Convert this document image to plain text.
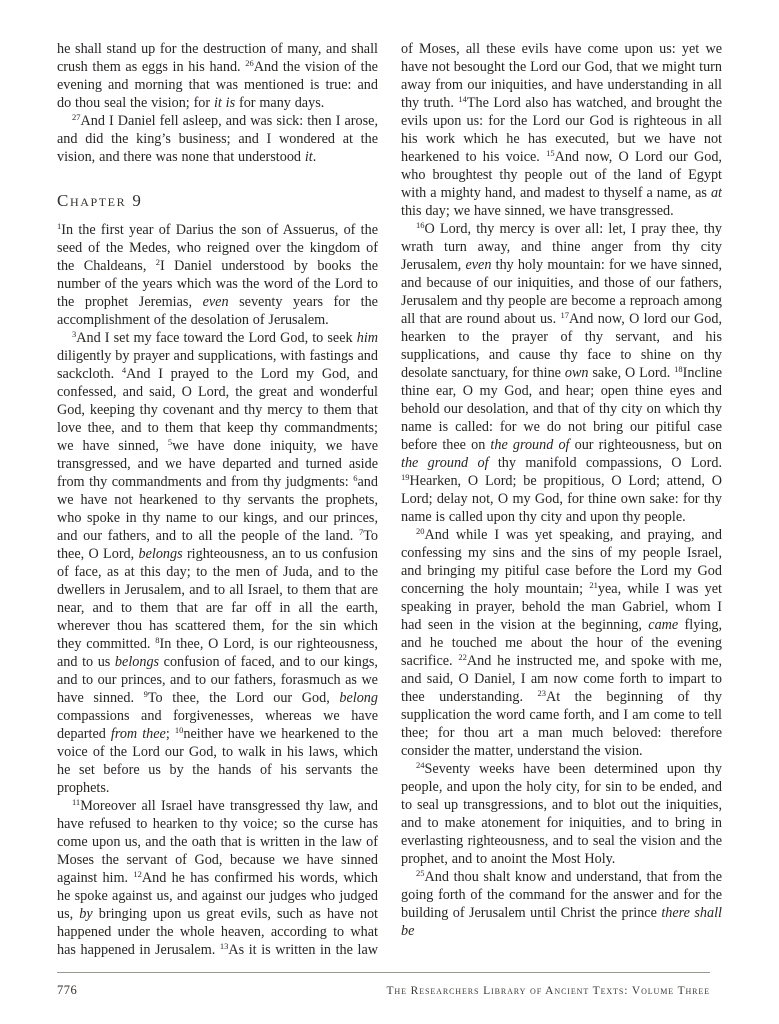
he shall stand up for the destruction of many, and shall crush them as eggs in his hand. $^{26}$And the vision of the evening and morning that was mentioned is true: and do thou seal the vision; for it is for many days.

$^{27}$And I Daniel fell asleep, and was sick: then I arose, and did the king’s business; and I wondered at the vision, and there was none that understood it.

Chapter 9

$^1$In the first year of Darius the son of Assuerus, of the seed of the Medes, who reigned over the kingdom of the Chaldeans, $^2$I Daniel understood by books the number of the years which was the word of the Lord to the prophet Jeremias, even seventy years for the accomplishment of the desolation of Jerusalem.

$^3$And I set my face toward the Lord God, to seek him diligently by prayer and supplications, with fastings and sackcloth. $^4$And I prayed to the Lord my God, and confessed, and said, O Lord, the great and wonderful God, keeping thy covenant and thy mercy to them that love thee, and to them that keep thy commandments; we have sinned, $^5$we have done iniquity, we have transgressed, and we have departed and turned aside from thy commandments and from thy judgments: $^6$and we have not hearkened to thy servants the prophets, who spoke in thy name to our kings, and our princes, and our fathers, and to all the people of the land. $^7$To thee, O Lord, belongs righteousness, an to us confusion of face, as at this day; to the men of Juda, and to the dwellers in Jerusalem, and to all Israel, to them that are near, and to them that are far off in all the earth, wherever thou has scattered them, for the sin which they committed. $^8$In thee, O Lord, is our righteousness, and to us belongs confusion of faced, and to our kings, and to our princes, and to our fathers, forasmuch as we have sinned. $^9$To thee, the Lord our God, belong compassions and forgivenesses, whereas we have departed from thee; $^{10}$neither have we hearkened to the voice of the Lord our God, to walk in his laws, which he set before us by the hands of his servants the prophets.

$^{11}$Moreover all Israel have transgressed thy law, and have refused to hearken to thy voice; so the curse has come upon us, and the oath that is written in the law of Moses the servant of God, because we have sinned against him. $^{12}$And he has confirmed his words, which he spoke against us, and against our judges who judged us, by bringing upon us great evils, such as have not happened under the whole heaven, according to what has happened in Jerusalem. $^{13}$As it is written in the law of Moses, all these evils have come upon us: yet we have not besought the Lord our God, that we might turn away from our iniquities, and have understanding in all thy truth. $^{14}$The Lord also has watched, and brought the evils upon us: for the Lord our God is righteous in all his work which he has executed, but we have not hearkened to his voice. $^{15}$And now, O Lord our God, who broughtest thy people out of the land of Egypt with a mighty hand, and madest to thyself a name, as at this day; we have sinned, we have transgressed.

$^{16}$O Lord, thy mercy is over all: let, I pray thee, thy wrath turn away, and thine anger from thy city Jerusalem, even thy holy mountain: for we have sinned, and because of our iniquities, and those of our fathers, Jerusalem and thy people are become a reproach among all that are round about us. $^{17}$And now, O lord our God, hearken to the prayer of thy servant, and his supplications, and cause thy face to shine on thy desolate sanctuary, for thine own sake, O Lord. $^{18}$Incline thine ear, O my God, and hear; open thine eyes and behold our desolation, and that of thy city on which thy name is called: for we do not bring our pitiful case before thee on the ground of our righteousness, but on the ground of thy manifold compassions, O Lord. $^{19}$Hearken, O Lord; be propitious, O Lord; attend, O Lord; delay not, O my God, for thine own sake: for thy name is called upon thy city and upon thy people.

$^{20}$And while I was yet speaking, and praying, and confessing my sins and the sins of my people Israel, and bringing my pitiful case before the Lord my God concerning the holy mountain; $^{21}$yea, while I was yet speaking in prayer, behold the man Gabriel, whom I had seen in the vision at the beginning, came flying, and he touched me about the hour of the evening sacrifice. $^{22}$And he instructed me, and spoke with me, and said, O Daniel, I am now come forth to impart to thee understanding. $^{23}$At the beginning of thy supplication the word came forth, and I am come to tell thee; for thou art a man much beloved: therefore consider the matter, understand the vision.

$^{24}$Seventy weeks have been determined upon thy people, and upon the holy city, for sin to be ended, and to seal up transgressions, and to blot out the iniquities, and to make atonement for iniquities, and to bring in everlasting righteousness, and to seal the vision and the prophet, and to anoint the Most Holy.

$^{25}$And thou shalt know and understand, that from the going forth of the command for the answer and for the building of Jerusalem until Christ the prince there shall be

776	The Researchers Library of Ancient Texts: Volume Three
